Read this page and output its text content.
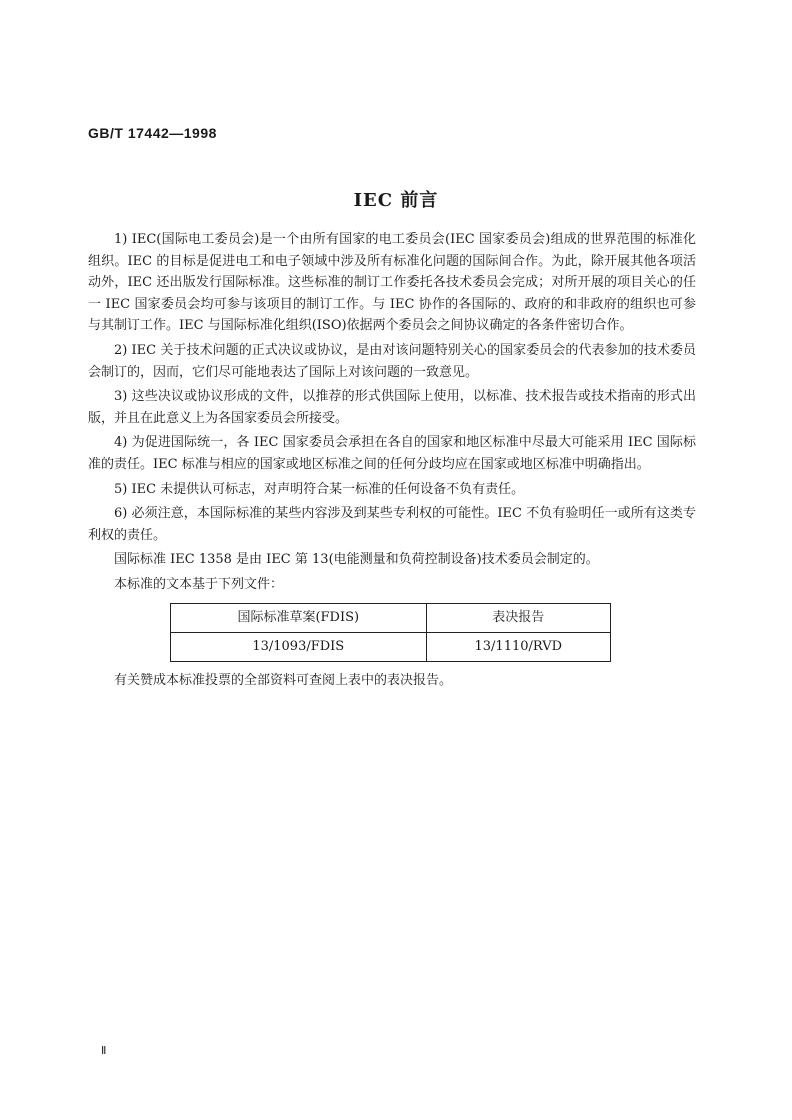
GB/T 17442—1998
IEC 前言

1) IEC(国际电工委员会)是一个由所有国家的电工委员会(IEC 国家委员会)组成的世界范围的标准化组织。IEC 的目标是促进电工和电子领域中涉及所有标准化问题的国际间合作。为此，除开展其他各项活动外，IEC 还出版发行国际标准。这些标准的制订工作委托各技术委员会完成；对所开展的项目关心的任一 IEC 国家委员会均可参与该项目的制订工作。与 IEC 协作的各国际的、政府的和非政府的组织也可参与其制订工作。IEC 与国际标准化组织(ISO)依据两个委员会之间协议确定的各条件密切合作。

2) IEC 关于技术问题的正式决议或协议，是由对该问题特别关心的国家委员会的代表参加的技术委员会制订的，因而，它们尽可能地表达了国际上对该问题的一致意见。

3) 这些决议或协议形成的文件，以推荐的形式供国际上使用，以标准、技术报告或技术指南的形式出版，并且在此意义上为各国家委员会所接受。

4) 为促进国际统一，各 IEC 国家委员会承担在各自的国家和地区标准中尽最大可能采用 IEC 国际标准的责任。IEC 标准与相应的国家或地区标准之间的任何分歧均应在国家或地区标准中明确指出。

5) IEC 未提供认可标志，对声明符合某一标准的任何设备不负有责任。

6) 必须注意，本国际标准的某些内容涉及到某些专利权的可能性。IEC 不负有验明任一或所有这类专利权的责任。

国际标准 IEC 1358 是由 IEC 第 13(电能测量和负荷控制设备)技术委员会制定的。

本标准的文本基于下列文件：

国际标准草案(FDIS)	表决报告
13/1093/FDIS	13/1110/RVD

有关赞成本标准投票的全部资料可查阅上表中的表决报告。

Ⅱ
